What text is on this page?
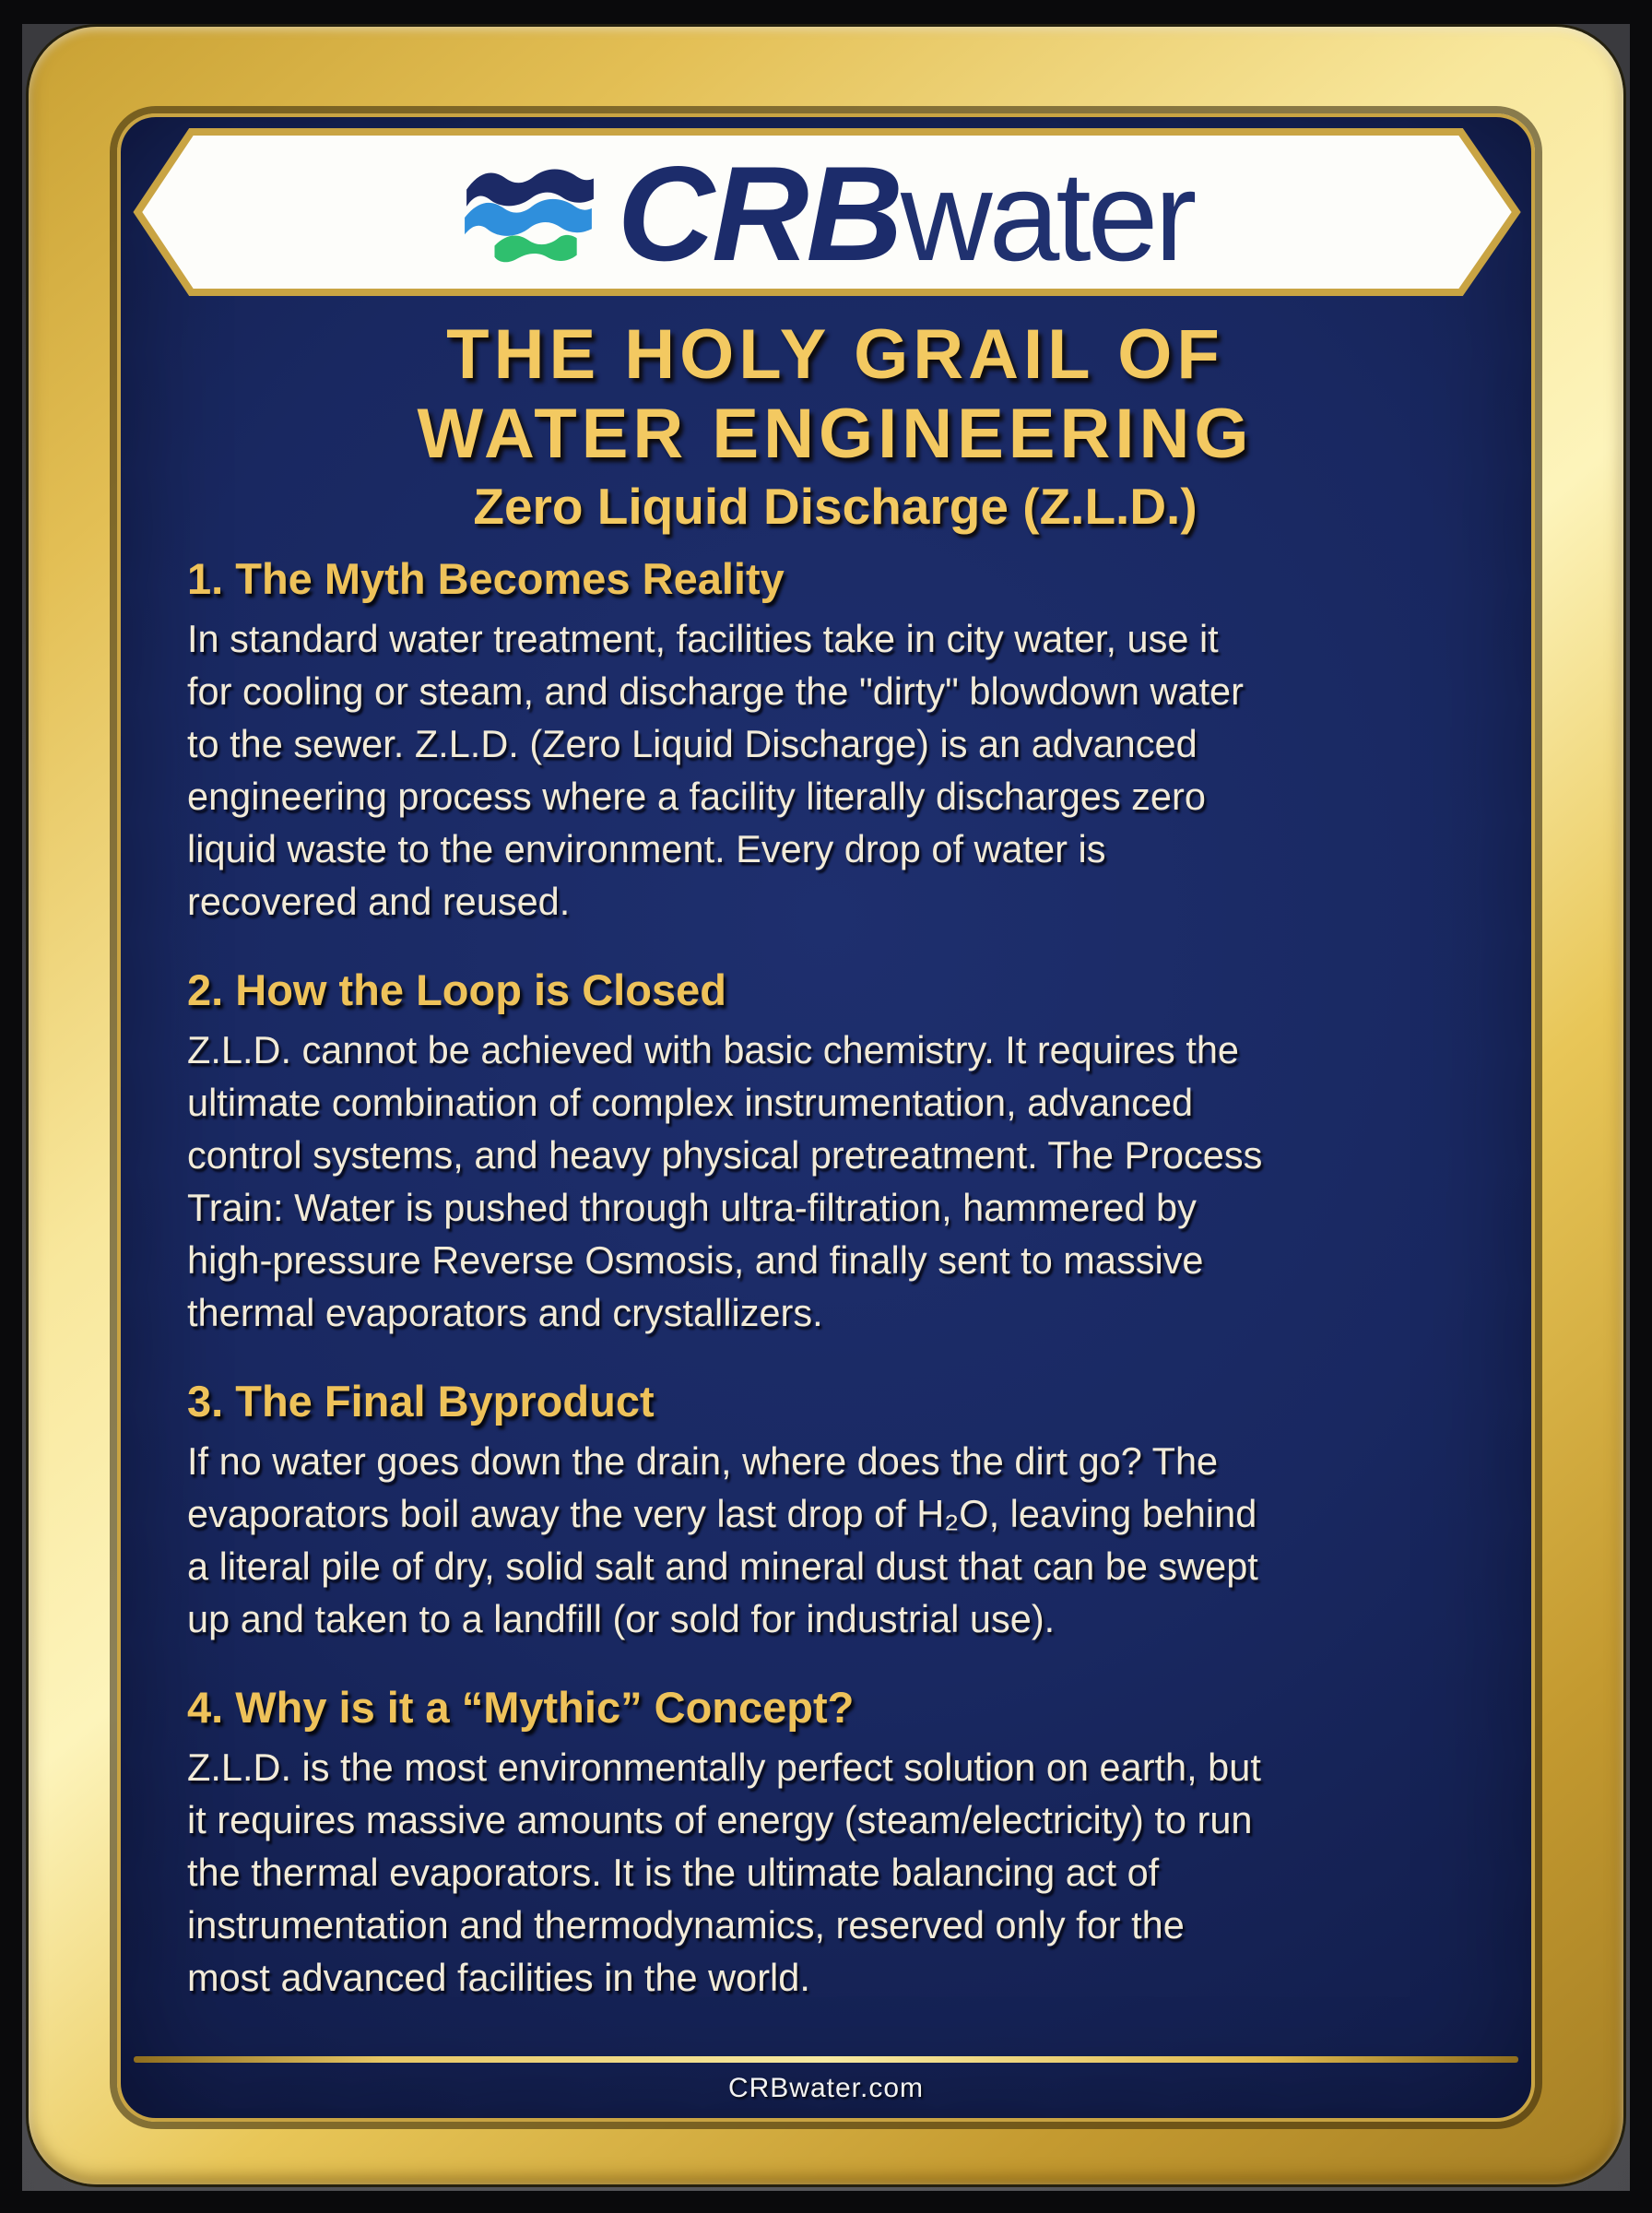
CRB water
THE HOLY GRAIL OF
WATER ENGINEERING
Zero Liquid Discharge (Z.L.D.)
1. The Myth Becomes Reality
In standard water treatment, facilities take in city water, use it
for cooling or steam, and discharge the "dirty" blowdown water
to the sewer. Z.L.D. (Zero Liquid Discharge) is an advanced
engineering process where a facility literally discharges zero
liquid waste to the environment. Every drop of water is
recovered and reused.
2. How the Loop is Closed
Z.L.D. cannot be achieved with basic chemistry. It requires the
ultimate combination of complex instrumentation, advanced
control systems, and heavy physical pretreatment. The Process
Train: Water is pushed through ultra-filtration, hammered by
high-pressure Reverse Osmosis, and finally sent to massive
thermal evaporators and crystallizers.
3. The Final Byproduct
If no water goes down the drain, where does the dirt go? The
evaporators boil away the very last drop of H₂O, leaving behind
a literal pile of dry, solid salt and mineral dust that can be swept
up and taken to a landfill (or sold for industrial use).
4. Why is it a “Mythic” Concept?
Z.L.D. is the most environmentally perfect solution on earth, but
it requires massive amounts of energy (steam/electricity) to run
the thermal evaporators. It is the ultimate balancing act of
instrumentation and thermodynamics, reserved only for the
most advanced facilities in the world.
CRBwater.com
